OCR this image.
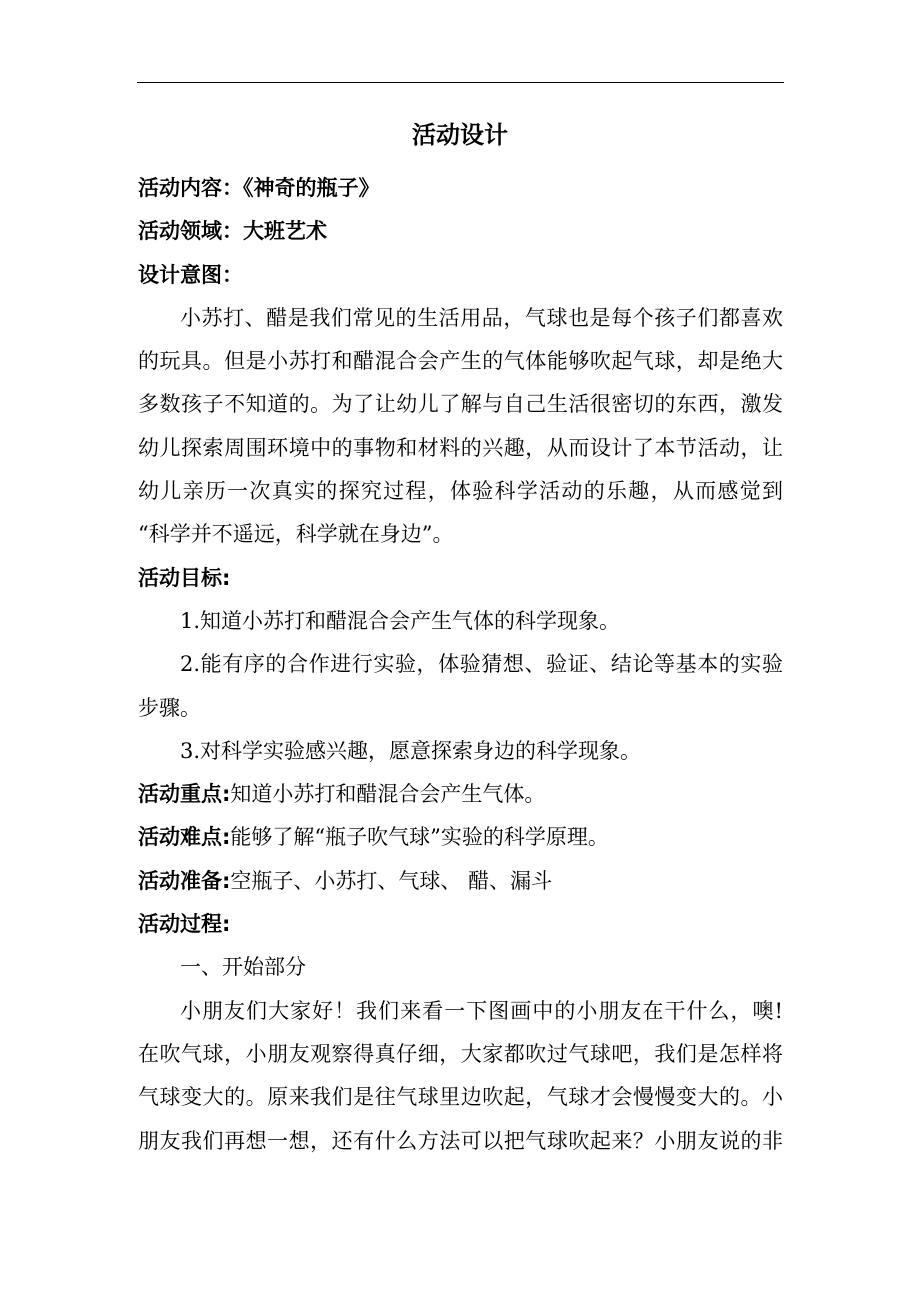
活动设计
活动内容：《神奇的瓶子》
活动领域：大班艺术
设计意图：
小苏打、醋是我们常见的生活用品，气球也是每个孩子们都喜欢
的玩具。但是小苏打和醋混合会产生的气体能够吹起气球，却是绝大
多数孩子不知道的。为了让幼儿了解与自己生活很密切的东西，激发
幼儿探索周围环境中的事物和材料的兴趣，从而设计了本节活动，让
幼儿亲历一次真实的探究过程，体验科学活动的乐趣，从而感觉到
“科学并不遥远，科学就在身边”。
活动目标:
1.知道小苏打和醋混合会产生气体的科学现象。
2.能有序的合作进行实验，体验猜想、验证、结论等基本的实验
步骤。
3.对科学实验感兴趣，愿意探索身边的科学现象。
活动重点:知道小苏打和醋混合会产生气体。
活动难点:能够了解“瓶子吹气球”实验的科学原理。
活动准备:空瓶子、小苏打、气球、 醋、漏斗
活动过程:
一、开始部分
小朋友们大家好！我们来看一下图画中的小朋友在干什么，噢!
在吹气球，小朋友观察得真仔细，大家都吹过气球吧，我们是怎样将
气球变大的。原来我们是往气球里边吹起，气球才会慢慢变大的。小
朋友我们再想一想，还有什么方法可以把气球吹起来？小朋友说的非
